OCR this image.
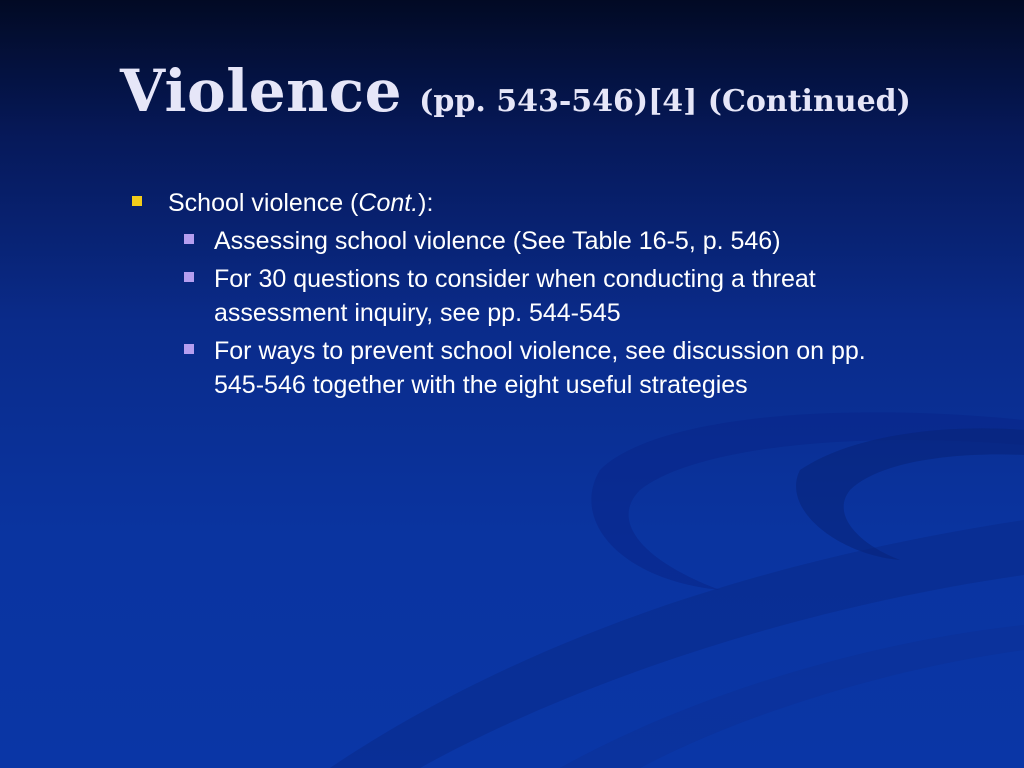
Violence (pp. 543-546)[4] (Continued)
School violence (Cont.):
Assessing school violence (See Table 16-5, p. 546)
For 30 questions to consider when conducting a threat assessment inquiry, see pp. 544-545
For ways to prevent school violence, see discussion on pp. 545-546 together with the eight useful strategies
